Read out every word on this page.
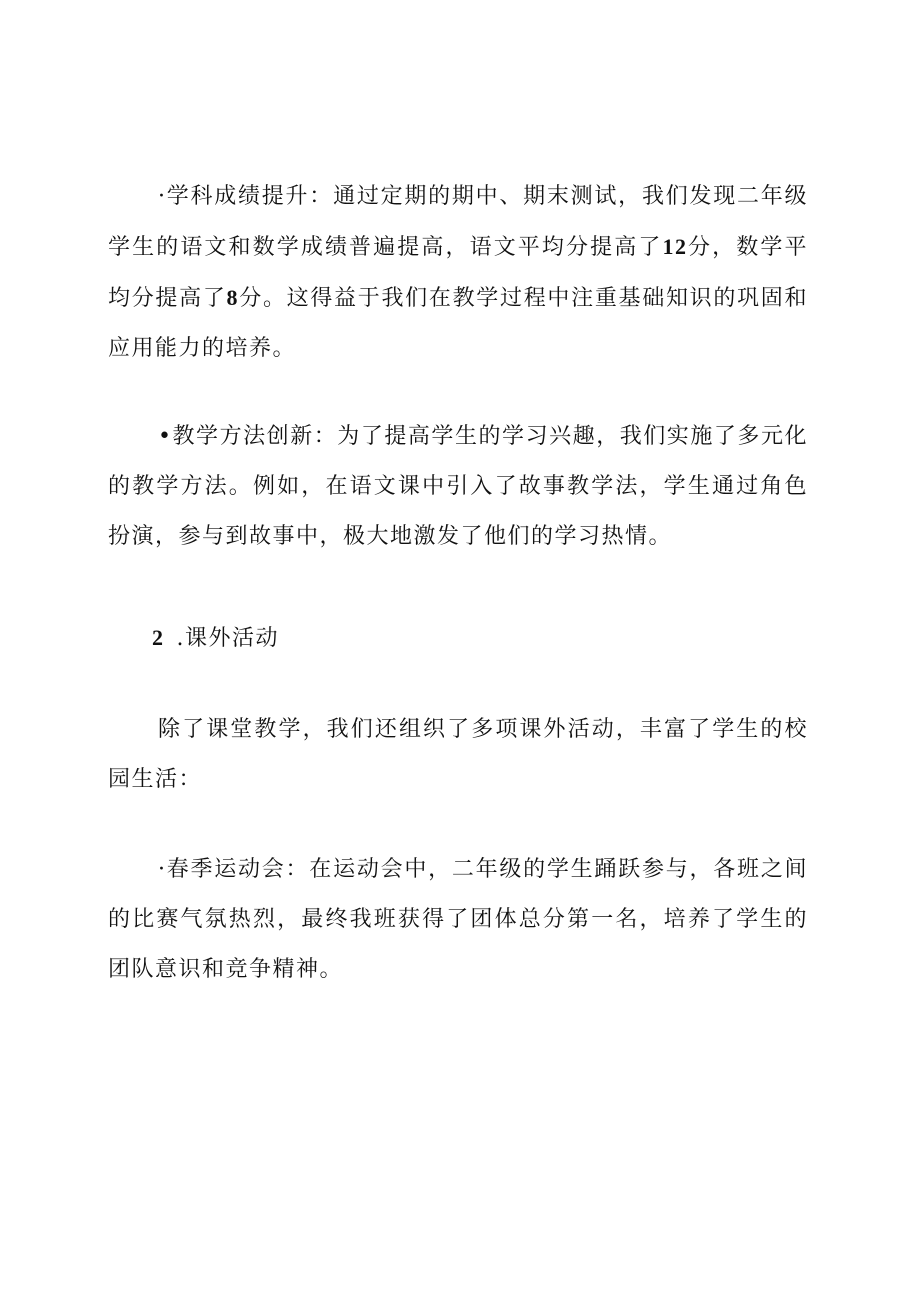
·学科成绩提升：通过定期的期中、期末测试，我们发现二年级学生的语文和数学成绩普遍提高，语文平均分提高了12分，数学平均分提高了8分。这得益于我们在教学过程中注重基础知识的巩固和应用能力的培养。

•教学方法创新：为了提高学生的学习兴趣，我们实施了多元化的教学方法。例如，在语文课中引入了故事教学法，学生通过角色扮演，参与到故事中，极大地激发了他们的学习热情。

2 .课外活动

除了课堂教学，我们还组织了多项课外活动，丰富了学生的校园生活：

·春季运动会：在运动会中，二年级的学生踊跃参与，各班之间的比赛气氛热烈，最终我班获得了团体总分第一名，培养了学生的团队意识和竞争精神。
